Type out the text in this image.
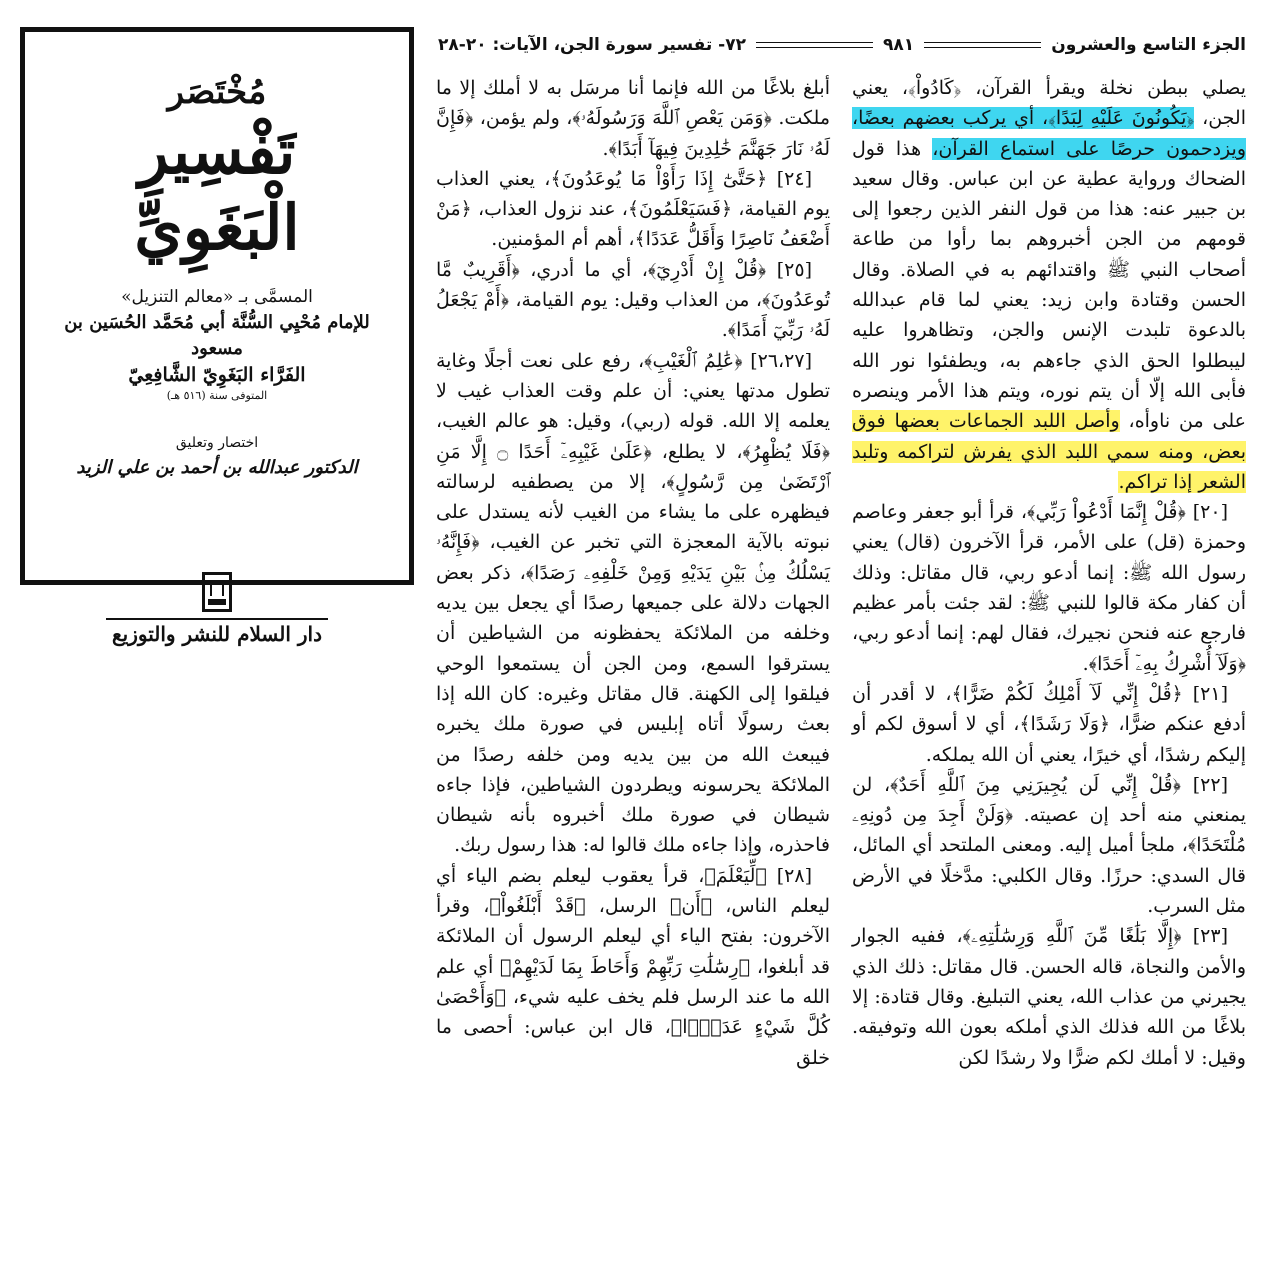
مُخْتَصَر
تَفْسِيرِ الْبَغَوِيِّ
المسمَّى بـ «معالم التنزيل»
للإمام مُحْيِي السُّنَّة أبي مُحَمَّد الحُسَين بن مسعود
الفَرَّاء البَغَوِيّ الشَّافِعِيّ
المتوفى سنة (٥١٦ هـ)
اختصار وتعليق
الدكتور عبدالله بن أحمد بن علي الزيد
دار السلام للنشر والتوزيع
الجزء التاسع والعشرون
٩٨١
٧٢- تفسير سورة الجن، الآيات: ٢٠-٢٨

يصلي ببطن نخلة ويقرأ القرآن، ﴿كَادُواْ﴾، يعني الجن، ﴿يَكُونُونَ عَلَيْهِ لِبَدًا﴾، أي يركب بعضهم بعضًا، ويزدحمون حرصًا على استماع القرآن، هذا قول الضحاك ورواية عطية عن ابن عباس. وقال سعيد بن جبير عنه: هذا من قول النفر الذين رجعوا إلى قومهم من الجن أخبروهم بما رأوا من طاعة أصحاب النبي ﷺ واقتدائهم به في الصلاة. وقال الحسن وقتادة وابن زيد: يعني لما قام عبدالله بالدعوة تلبدت الإنس والجن، وتظاهروا عليه ليبطلوا الحق الذي جاءهم به، ويطفئوا نور الله فأبى الله إلّا أن يتم نوره، ويتم هذا الأمر وينصره على من ناوأه، وأصل اللبد الجماعات بعضها فوق بعض، ومنه سمي اللبد الذي يفرش لتراكمه وتلبد الشعر إذا تراكم.

[٢٠] ﴿قُلْ إِنَّمَا أَدْعُواْ رَبِّي﴾، قرأ أبو جعفر وعاصم وحمزة (قل) على الأمر، قرأ الآخرون (قال) يعني رسول الله ﷺ: إنما أدعو ربي، قال مقاتل: وذلك أن كفار مكة قالوا للنبي ﷺ: لقد جئت بأمر عظيم فارجع عنه فنحن نجيرك، فقال لهم: إنما أدعو ربي، ﴿وَلَآ أُشْرِكُ بِهِۦٓ أَحَدًا﴾.

[٢١] ﴿قُلْ إِنِّي لَآ أَمْلِكُ لَكُمْ ضَرًّا﴾، لا أقدر أن أدفع عنكم ضرًّا، ﴿وَلَا رَشَدًا﴾، أي لا أسوق لكم أو إليكم رشدًا، أي خيرًا، يعني أن الله يملكه.

[٢٢] ﴿قُلْ إِنِّي لَن يُجِيرَنِي مِنَ ٱللَّهِ أَحَدٌ﴾، لن يمنعني منه أحد إن عصيته. ﴿وَلَنْ أَجِدَ مِن دُونِهِۦ مُلْتَحَدًا﴾، ملجأ أميل إليه. ومعنى الملتحد أي المائل، قال السدي: حرزًا. وقال الكلبي: مدَّخلًا في الأرض مثل السرب.

[٢٣] ﴿إِلَّا بَلَٰغًا مِّنَ ٱللَّهِ وَرِسَٰلَٰتِهِۦ﴾، ففيه الجوار والأمن والنجاة، قاله الحسن. قال مقاتل: ذلك الذي يجيرني من عذاب الله، يعني التبليغ. وقال قتادة: إلا بلاغًا من الله فذلك الذي أملكه بعون الله وتوفيقه. وقيل: لا أملك لكم ضرًّا ولا رشدًا لكن

أبلغ بلاغًا من الله فإنما أنا مرسَل به لا أملك إلا ما ملكت. ﴿وَمَن يَعْصِ ٱللَّهَ وَرَسُولَهُۥ﴾، ولم يؤمن، ﴿فَإِنَّ لَهُۥ نَارَ جَهَنَّمَ خَٰلِدِينَ فِيهَآ أَبَدًا﴾.

[٢٤] ﴿حَتَّىٰٓ إِذَا رَأَوْاْ مَا يُوعَدُونَ﴾، يعني العذاب يوم القيامة، ﴿فَسَيَعْلَمُونَ﴾، عند نزول العذاب، ﴿مَنْ أَضْعَفُ نَاصِرًا وَأَقَلُّ عَدَدًا﴾، أهم أم المؤمنين.

[٢٥] ﴿قُلْ إِنْ أَدْرِيٓ﴾، أي ما أدري، ﴿أَقَرِيبٌ مَّا تُوعَدُونَ﴾، من العذاب وقيل: يوم القيامة، ﴿أَمْ يَجْعَلُ لَهُۥ رَبِّيٓ أَمَدًا﴾.

[٢٦،٢٧] ﴿عَٰلِمُ ٱلْغَيْبِ﴾، رفع على نعت أجلًا وغاية تطول مدتها يعني: أن علم وقت العذاب غيب لا يعلمه إلا الله. قوله (ربي)، وقيل: هو عالم الغيب، ﴿فَلَا يُظْهِرُ﴾، لا يطلع، ﴿عَلَىٰ غَيْبِهِۦٓ أَحَدًا ۝ إِلَّا مَنِ ٱرْتَضَىٰ مِن رَّسُولٍ﴾، إلا من يصطفيه لرسالته فيظهره على ما يشاء من الغيب لأنه يستدل على نبوته بالآية المعجزة التي تخبر عن الغيب، ﴿فَإِنَّهُۥ يَسْلُكُ مِنۢ بَيْنِ يَدَيْهِ وَمِنْ خَلْفِهِۦ رَصَدًا﴾، ذكر بعض الجهات دلالة على جميعها رصدًا أي يجعل بين يديه وخلفه من الملائكة يحفظونه من الشياطين أن يسترقوا السمع، ومن الجن أن يستمعوا الوحي فيلقوا إلى الكهنة. قال مقاتل وغيره: كان الله إذا بعث رسولًا أتاه إبليس في صورة ملك يخبره فيبعث الله من بين يديه ومن خلفه رصدًا من الملائكة يحرسونه ويطردون الشياطين، فإذا جاءه شيطان في صورة ملك أخبروه بأنه شيطان فاحذره، وإذا جاءه ملك قالوا له: هذا رسول ربك.

[٢٨] ﴿لِّيَعْلَمَ﴾، قرأ يعقوب ليعلم بضم الياء أي ليعلم الناس، ﴿أَن﴾ الرسل، ﴿قَدْ أَبْلَغُواْ﴾، وقرأ الآخرون: بفتح الياء أي ليعلم الرسول أن الملائكة قد أبلغوا، ﴿رِسَٰلَٰتِ رَبِّهِمْ وَأَحَاطَ بِمَا لَدَيْهِمْ﴾ أي علم الله ما عند الرسل فلم يخف عليه شيء، ﴿وَأَحْصَىٰ كُلَّ شَيْءٍ عَدَدًۢا﴾، قال ابن عباس: أحصى ما خلق
